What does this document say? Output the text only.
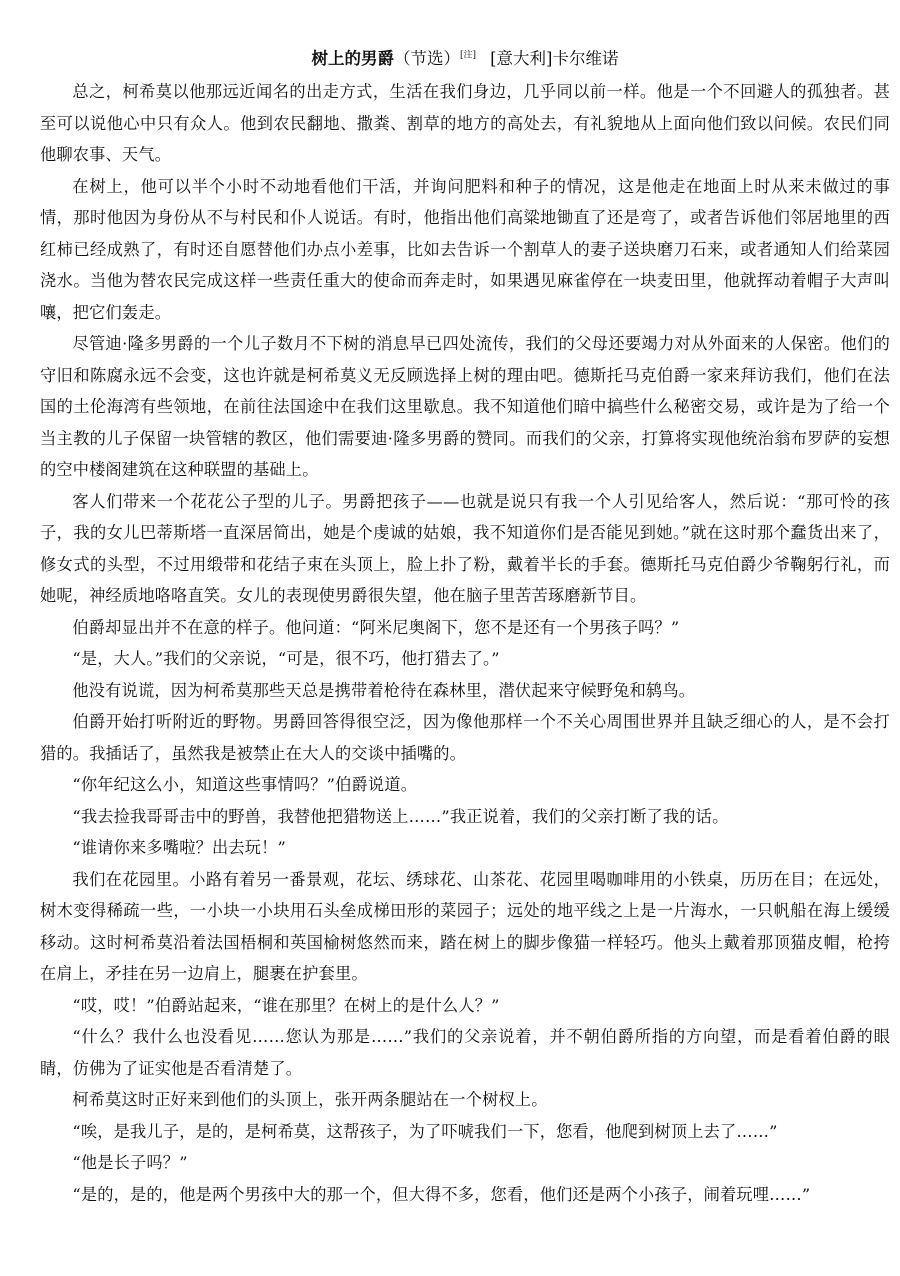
树上的男爵（节选）[注] [意大利]卡尔维诺

总之，柯希莫以他那远近闻名的出走方式，生活在我们身边，几乎同以前一样。他是一个不回避人的孤独者。甚至可以说他心中只有众人。他到农民翻地、撒粪、割草的地方的高处去，有礼貌地从上面向他们致以问候。农民们同他聊农事、天气。

在树上，他可以半个小时不动地看他们干活，并询问肥料和种子的情况，这是他走在地面上时从来未做过的事情，那时他因为身份从不与村民和仆人说话。有时，他指出他们高粱地锄直了还是弯了，或者告诉他们邻居地里的西红柿已经成熟了，有时还自愿替他们办点小差事，比如去告诉一个割草人的妻子送块磨刀石来，或者通知人们给菜园浇水。当他为替农民完成这样一些责任重大的使命而奔走时，如果遇见麻雀停在一块麦田里，他就挥动着帽子大声叫嚷，把它们轰走。

尽管迪·隆多男爵的一个儿子数月不下树的消息早已四处流传，我们的父母还要竭力对从外面来的人保密。他们的守旧和陈腐永远不会变，这也许就是柯希莫义无反顾选择上树的理由吧。德斯托马克伯爵一家来拜访我们，他们在法国的土伦海湾有些领地，在前往法国途中在我们这里歇息。我不知道他们暗中搞些什么秘密交易，或许是为了给一个当主教的儿子保留一块管辖的教区，他们需要迪·隆多男爵的赞同。而我们的父亲，打算将实现他统治翁布罗萨的妄想的空中楼阁建筑在这种联盟的基础上。

客人们带来一个花花公子型的儿子。男爵把孩子——也就是说只有我一个人引见给客人，然后说：“那可怜的孩子，我的女儿巴蒂斯塔一直深居简出，她是个虔诚的姑娘，我不知道你们是否能见到她。”就在这时那个蠢货出来了，修女式的头型，不过用缎带和花结子束在头顶上，脸上扑了粉，戴着半长的手套。德斯托马克伯爵少爷鞠躬行礼，而她呢，神经质地咯咯直笑。女儿的表现使男爵很失望，他在脑子里苦苦琢磨新节目。

伯爵却显出并不在意的样子。他问道：“阿米尼奥阁下，您不是还有一个男孩子吗？”

“是，大人。”我们的父亲说，“可是，很不巧，他打猎去了。”

他没有说谎，因为柯希莫那些天总是携带着枪待在森林里，潜伏起来守候野兔和鸫鸟。

伯爵开始打听附近的野物。男爵回答得很空泛，因为像他那样一个不关心周围世界并且缺乏细心的人，是不会打猎的。我插话了，虽然我是被禁止在大人的交谈中插嘴的。

“你年纪这么小，知道这些事情吗？”伯爵说道。

“我去捡我哥哥击中的野兽，我替他把猎物送上……”我正说着，我们的父亲打断了我的话。

“谁请你来多嘴啦？出去玩！”

我们在花园里。小路有着另一番景观，花坛、绣球花、山茶花、花园里喝咖啡用的小铁桌，历历在目；在远处，树木变得稀疏一些，一小块一小块用石头垒成梯田形的菜园子；远处的地平线之上是一片海水，一只帆船在海上缓缓移动。这时柯希莫沿着法国梧桐和英国榆树悠然而来，踏在树上的脚步像猫一样轻巧。他头上戴着那顶猫皮帽，枪挎在肩上，矛挂在另一边肩上，腿裹在护套里。

“哎，哎！”伯爵站起来，“谁在那里？在树上的是什么人？”

“什么？我什么也没看见……您认为那是……”我们的父亲说着，并不朝伯爵所指的方向望，而是看着伯爵的眼睛，仿佛为了证实他是否看清楚了。

柯希莫这时正好来到他们的头顶上，张开两条腿站在一个树杈上。

“唉，是我儿子，是的，是柯希莫，这帮孩子，为了吓唬我们一下，您看，他爬到树顶上去了……”

“他是长子吗？”

“是的，是的，他是两个男孩中大的那一个，但大得不多，您看，他们还是两个小孩子，闹着玩哩……”
